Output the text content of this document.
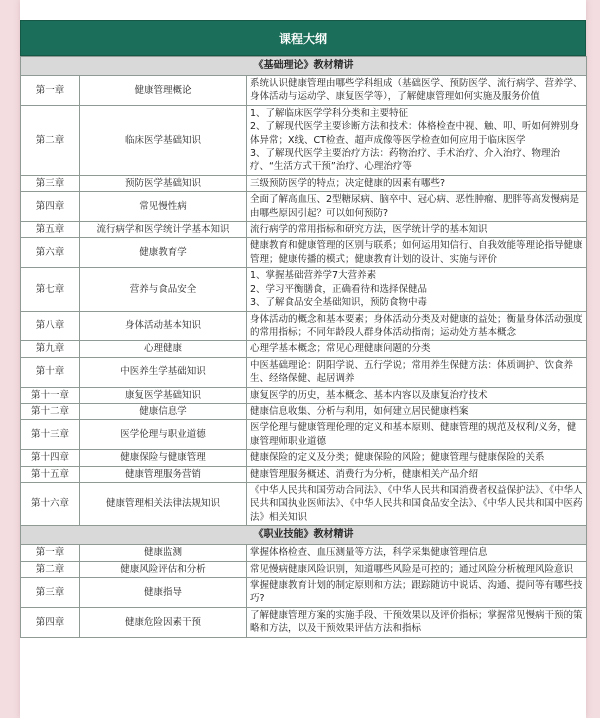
课程大纲
《基础理论》教材精讲		
第一章	健康管理概论	系统认识健康管理由哪些学科组成（基础医学、预防医学、流行病学、营养学、身体活动与运动学、康复医学等），了解健康管理如何实施及服务价值
第二章	临床医学基础知识	1、了解临床医学学科分类和主要特征
2、了解现代医学主要诊断方法和技术：体格检查中视、触、叩、听如何辨别身体异常；X线、CT检查、超声成像等医学检查如何应用于临床医学
3、了解现代医学主要治疗方法：药物治疗、手术治疗、介入治疗、物理治疗、“生活方式干预”治疗、心理治疗等
第三章	预防医学基础知识	三级预防医学的特点；决定健康的因素有哪些?
第四章	常见慢性病	全面了解高血压、2型糖尿病、脑卒中、冠心病、恶性肿瘤、肥胖等高发慢病是由哪些原因引起？可以如何预防?
第五章	流行病学和医学统计学基本知识	流行病学的常用指标和研究方法，医学统计学的基本知识
第六章	健康教育学	健康教育和健康管理的区别与联系；如何运用知信行、自我效能等理论指导健康管理；健康传播的模式；健康教育计划的设计、实施与评价
第七章	营养与食品安全	1、掌握基础营养学7大营养素
2、学习平衡膳食，正确看待和选择保健品
3、了解食品安全基础知识，预防食物中毒
第八章	身体活动基本知识	身体活动的概念和基本要素；身体活动分类及对健康的益处；衡量身体活动强度的常用指标；不同年龄段人群身体活动指南；运动处方基本概念
第九章	心理健康	心理学基本概念；常见心理健康问题的分类
第十章	中医养生学基础知识	中医基础理论：阴阳学说、五行学说；常用养生保健方法：体质调护、饮食养生、经络保健、起居调养
第十一章	康复医学基础知识	康复医学的历史，基本概念、基本内容以及康复治疗技术
第十二章	健康信息学	健康信息收集、分析与利用，如何建立居民健康档案
第十三章	医学伦理与职业道德	医学伦理与健康管理伦理的定义和基本原则、健康管理的规范及权利/义务，健康管理师职业道德
第十四章	健康保险与健康管理	健康保险的定义及分类；健康保险的风险；健康管理与健康保险的关系
第十五章	健康管理服务营销	健康管理服务概述、消费行为分析，健康相关产品介绍
第十六章	健康管理相关法律法规知识	《中华人民共和国劳动合同法》、《中华人民共和国消费者权益保护法》、《中华人民共和国执业医师法》、《中华人民共和国食品安全法》、《中华人民共和国中医药法》相关知识
《职业技能》教材精讲		
第一章	健康监测	掌握体格检查、血压测量等方法，科学采集健康管理信息
第二章	健康风险评估和分析	常见慢病健康风险识别，知道哪些风险是可控的；通过风险分析梳理风险意识
第三章	健康指导	掌握健康教育计划的制定原则和方法；跟踪随访中说话、沟通、提问等有哪些技巧?
第四章	健康危险因素干预	了解健康管理方案的实施手段、干预效果以及评价指标；掌握常见慢病干预的策略和方法，以及干预效果评估方法和指标
